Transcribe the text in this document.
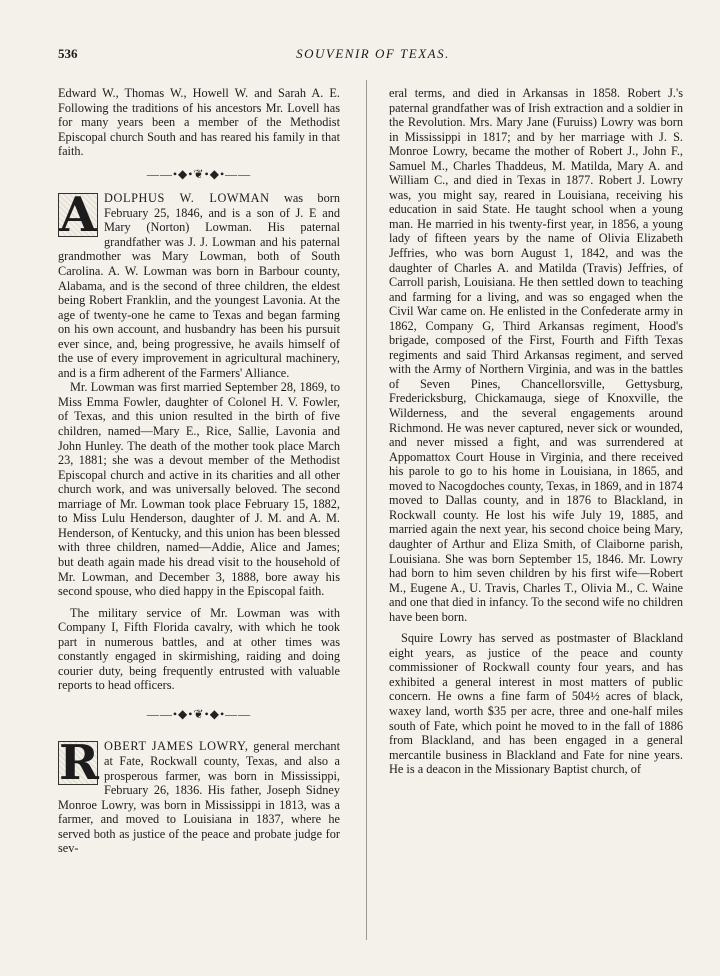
536	SOUVENIR OF TEXAS.

Edward W., Thomas W., Howell W. and Sarah A. E. Following the traditions of his ancestors Mr. Lovell has for many years been a member of the Methodist Episcopal church South and has reared his family in that faith.

——•◆•❦•◆•——

A DOLPHUS W. LOWMAN was born February 25, 1846, and is a son of J. E and Mary (Norton) Lowman. His paternal grandfather was J. J. Lowman and his paternal grandmother was Mary Lowman, both of South Carolina. A. W. Lowman was born in Barbour county, Alabama, and is the second of three children, the eldest being Robert Franklin, and the youngest Lavonia. At the age of twenty-one he came to Texas and began farming on his own account, and husbandry has been his pursuit ever since, and, being progressive, he avails himself of the use of every improvement in agricultural machinery, and is a firm adherent of the Farmers' Alliance.

Mr. Lowman was first married September 28, 1869, to Miss Emma Fowler, daughter of Colonel H. V. Fowler, of Texas, and this union resulted in the birth of five children, named—Mary E., Rice, Sallie, Lavonia and John Hunley. The death of the mother took place March 23, 1881; she was a devout member of the Methodist Episcopal church and active in its charities and all other church work, and was universally beloved. The second marriage of Mr. Lowman took place February 15, 1882, to Miss Lulu Henderson, daughter of J. M. and A. M. Henderson, of Kentucky, and this union has been blessed with three children, named—Addie, Alice and James; but death again made his dread visit to the household of Mr. Lowman, and December 3, 1888, bore away his second spouse, who died happy in the Episcopal faith.

The military service of Mr. Lowman was with Company I, Fifth Florida cavalry, with which he took part in numerous battles, and at other times was constantly engaged in skirmishing, raiding and doing courier duty, being frequently entrusted with valuable reports to head officers.

——•◆•❦•◆•——

R OBERT JAMES LOWRY, general merchant at Fate, Rockwall county, Texas, and also a prosperous farmer, was born in Mississippi, February 26, 1836. His father, Joseph Sidney Monroe Lowry, was born in Mississippi in 1813, was a farmer, and moved to Louisiana in 1837, where he served both as justice of the peace and probate judge for sev-

eral terms, and died in Arkansas in 1858. Robert J.'s paternal grandfather was of Irish extraction and a soldier in the Revolution. Mrs. Mary Jane (Furuiss) Lowry was born in Mississippi in 1817; and by her marriage with J. S. Monroe Lowry, became the mother of Robert J., John F., Samuel M., Charles Thaddeus, M. Matilda, Mary A. and William C., and died in Texas in 1877. Robert J. Lowry was, you might say, reared in Louisiana, receiving his education in said State. He taught school when a young man. He married in his twenty-first year, in 1856, a young lady of fifteen years by the name of Olivia Elizabeth Jeffries, who was born August 1, 1842, and was the daughter of Charles A. and Matilda (Travis) Jeffries, of Carroll parish, Louisiana. He then settled down to teaching and farming for a living, and was so engaged when the Civil War came on. He enlisted in the Confederate army in 1862, Company G, Third Arkansas regiment, Hood's brigade, composed of the First, Fourth and Fifth Texas regiments and said Third Arkansas regiment, and served with the Army of Northern Virginia, and was in the battles of Seven Pines, Chancellorsville, Gettysburg, Fredericksburg, Chickamauga, siege of Knoxville, the Wilderness, and the several engagements around Richmond. He was never captured, never sick or wounded, and never missed a fight, and was surrendered at Appomattox Court House in Virginia, and there received his parole to go to his home in Louisiana, in 1865, and moved to Nacogdoches county, Texas, in 1869, and in 1874 moved to Dallas county, and in 1876 to Blackland, in Rockwall county. He lost his wife July 19, 1885, and married again the next year, his second choice being Mary, daughter of Arthur and Eliza Smith, of Claiborne parish, Louisiana. She was born September 15, 1846. Mr. Lowry had born to him seven children by his first wife—Robert M., Eugene A., U. Travis, Charles T., Olivia M., C. Waine and one that died in infancy. To the second wife no children have been born.

Squire Lowry has served as postmaster of Blackland eight years, as justice of the peace and county commissioner of Rockwall county four years, and has exhibited a general interest in most matters of public concern. He owns a fine farm of 504½ acres of black, waxey land, worth $35 per acre, three and one-half miles south of Fate, which point he moved to in the fall of 1886 from Blackland, and has been engaged in a general mercantile business in Blackland and Fate for nine years. He is a deacon in the Missionary Baptist church, of
